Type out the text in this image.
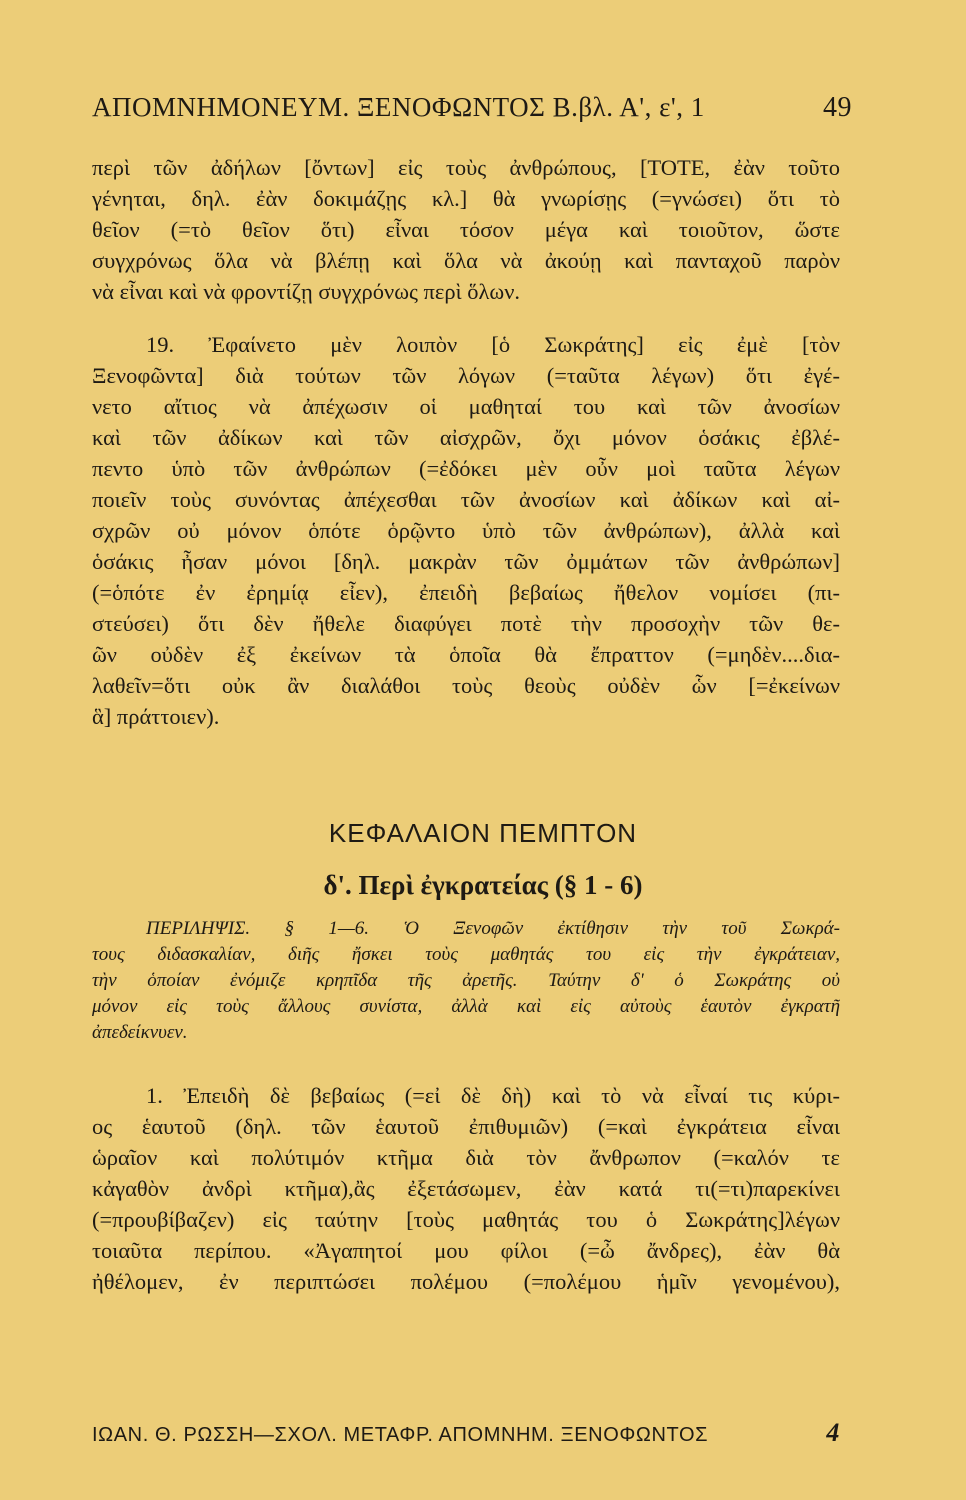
ΑΠΟΜΝΗΜΟΝΕΥΜ. ΞΕΝΟΦΩΝΤΟΣ Β.βλ. Α', ε', 1	49
περὶ τῶν ἀδήλων [ὄντων] εἰς τοὺς ἀνθρώπους, [ΤΟΤΕ, ἐὰν τοῦτο
γένηται, δηλ. ἐὰν δοκιμάζῃς κλ.] θὰ γνωρίσῃς (=γνώσει) ὅτι τὸ
θεῖον (=τὸ θεῖον ὅτι) εἶναι τόσον μέγα καὶ τοιοῦτον, ὥστε
συγχρόνως ὅλα νὰ βλέπῃ καὶ ὅλα νὰ ἀκούῃ καὶ πανταχοῦ παρὸν
νὰ εἶναι καὶ νὰ φροντίζῃ συγχρόνως περὶ ὅλων.
19. Ἐφαίνετο μὲν λοιπὸν [ὁ Σωκράτης] εἰς ἐμὲ [τὸν
Ξενοφῶντα] διὰ τούτων τῶν λόγων (=ταῦτα λέγων) ὅτι ἐγέ-
νετο αἴτιος νὰ ἀπέχωσιν οἱ μαθηταί του καὶ τῶν ἀνοσίων
καὶ τῶν ἀδίκων καὶ τῶν αἰσχρῶν, ὄχι μόνον ὁσάκις ἐβλέ-
πεντο ὑπὸ τῶν ἀνθρώπων (=ἐδόκει μὲν οὖν μοὶ ταῦτα λέγων
ποιεῖν τοὺς συνόντας ἀπέχεσθαι τῶν ἀνοσίων καὶ ἀδίκων καὶ αἰ-
σχρῶν οὐ μόνον ὁπότε ὁρῷντο ὑπὸ τῶν ἀνθρώπων), ἀλλὰ καὶ
ὁσάκις ἦσαν μόνοι [δηλ. μακρὰν τῶν ὀμμάτων τῶν ἀνθρώπων]
(=ὁπότε ἐν ἐρημίᾳ εἶεν), ἐπειδὴ βεβαίως ἤθελον νομίσει (πι-
στεύσει) ὅτι δὲν ἤθελε διαφύγει ποτὲ τὴν προσοχὴν τῶν θε-
ῶν οὐδὲν ἐξ ἐκείνων τὰ ὁποῖα θὰ ἔπραττον (=μηδὲν....δια-
λαθεῖν=ὅτι οὐκ ἂν διαλάθοι τοὺς θεοὺς οὐδὲν ὧν [=ἐκείνων
ἃ] πράττοιεν).
ΚΕΦΑΛΑΙΟΝ ΠΕΜΠΤΟΝ
δ'. Περὶ ἐγκρατείας (§ 1 - 6)
ΠΕΡΙΛΗΨΙΣ. § 1—6. Ὁ Ξενοφῶν ἐκτίθησιν τὴν τοῦ Σωκρά-
τους διδασκαλίαν, διῆς ἤσκει τοὺς μαθητάς του εἰς τὴν ἐγκράτειαν,
τὴν ὁποίαν ἐνόμιζε κρηπῖδα τῆς ἀρετῆς. Ταύτην δ' ὁ Σωκράτης οὐ
μόνον εἰς τοὺς ἄλλους συνίστα, ἀλλὰ καὶ εἰς αὐτοὺς ἑαυτὸν ἐγκρατῆ
ἀπεδείκνυεν.
1. Ἐπειδὴ δὲ βεβαίως (=εἰ δὲ δὴ) καὶ τὸ νὰ εἶναί τις κύρι-
ος ἑαυτοῦ (δηλ. τῶν ἑαυτοῦ ἐπιθυμιῶν) (=καὶ ἐγκράτεια εἶναι
ὡραῖον καὶ πολύτιμόν κτῆμα διὰ τὸν ἄνθρωπον (=καλόν τε
κἀγαθὸν ἀνδρὶ κτῆμα),ἂς ἐξετάσωμεν, ἐὰν κατά τι(=τι)παρεκίνει
(=προυβίβαζεν) εἰς ταύτην [τοὺς μαθητάς του ὁ Σωκράτης]λέγων
τοιαῦτα περίπου. «Ἀγαπητοί μου φίλοι (=ὦ ἄνδρες), ἐὰν θὰ
ἠθέλομεν, ἐν περιπτώσει πολέμου (=πολέμου ἡμῖν γενομένου),
ΙΩΑΝ. Θ. ΡΩΣΣΗ—ΣΧΟΛ. ΜΕΤΑΦΡ. ΑΠΟΜΝΗΜ. ΞΕΝΟΦΩΝΤΟΣ	4
